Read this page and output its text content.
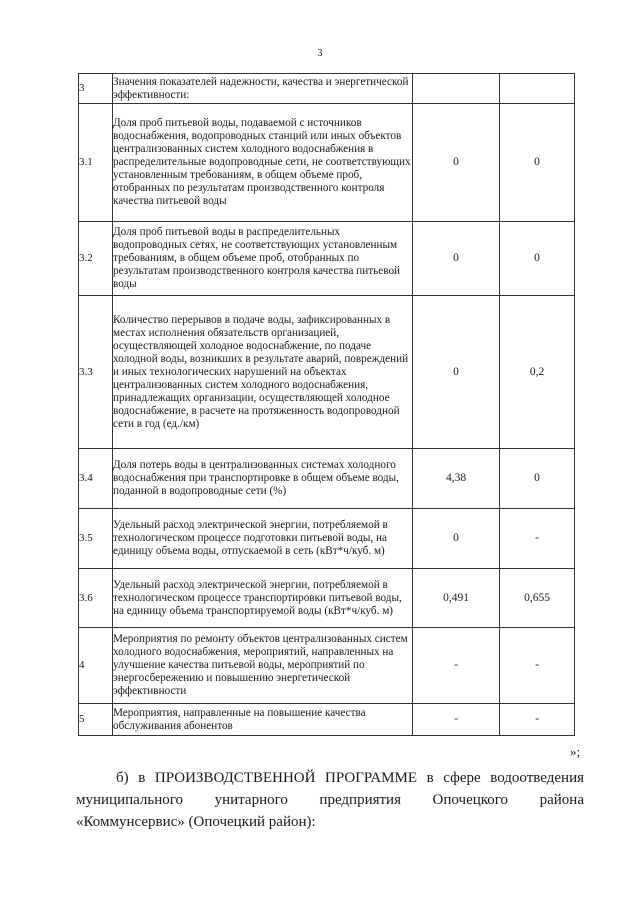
3
3	Значения показателей надежности, качества и энергетической эффективности:		
3.1	Доля проб питьевой воды, подаваемой с источников водоснабжения, водопроводных станций или иных объектов централизованных систем холодного водоснабжения в распределительные водопроводные сети, не соответствующих установленным требованиям, в общем объеме проб, отобранных по результатам производственного контроля качества питьевой воды	0	0
3.2	Доля проб питьевой воды в распределительных водопроводных сетях, не соответствующих установленным требованиям, в общем объеме проб, отобранных по результатам производственного контроля качества питьевой воды	0	0
3.3	Количество перерывов в подаче воды, зафиксированных в местах исполнения обязательств организацией, осуществляющей холодное водоснабжение, по подаче холодной воды, возникших в результате аварий, повреждений и иных технологических нарушений на объектах централизованных систем холодного водоснабжения, принадлежащих организации, осуществляющей холодное водоснабжение, в расчете на протяженность водопроводной сети в год (ед./км)	0	0,2
3.4	Доля потерь воды в централизованных системах холодного водоснабжения при транспортировке в общем объеме воды, поданной в водопроводные сети (%)	4,38	0
3.5	Удельный расход электрической энергии, потребляемой в технологическом процессе подготовки питьевой воды, на единицу объема воды, отпускаемой в сеть (кВт*ч/куб. м)	0	-
3.6	Удельный расход электрической энергии, потребляемой в технологическом процессе транспортировки питьевой воды, на единицу объема транспортируемой воды (кВт*ч/куб. м)	0,491	0,655
4	Мероприятия по ремонту объектов централизованных систем холодного водоснабжения, мероприятий, направленных на улучшение качества питьевой воды, мероприятий по энергосбережению и повышению энергетической эффективности	-	-
5	Мероприятия, направленные на повышение качества обслуживания абонентов	-	-
»;
б) в ПРОИЗВОДСТВЕННОЙ ПРОГРАММЕ в сфере водоотведения
муниципального унитарного предприятия Опочецкого района
«Коммунсервис» (Опочецкий район):
